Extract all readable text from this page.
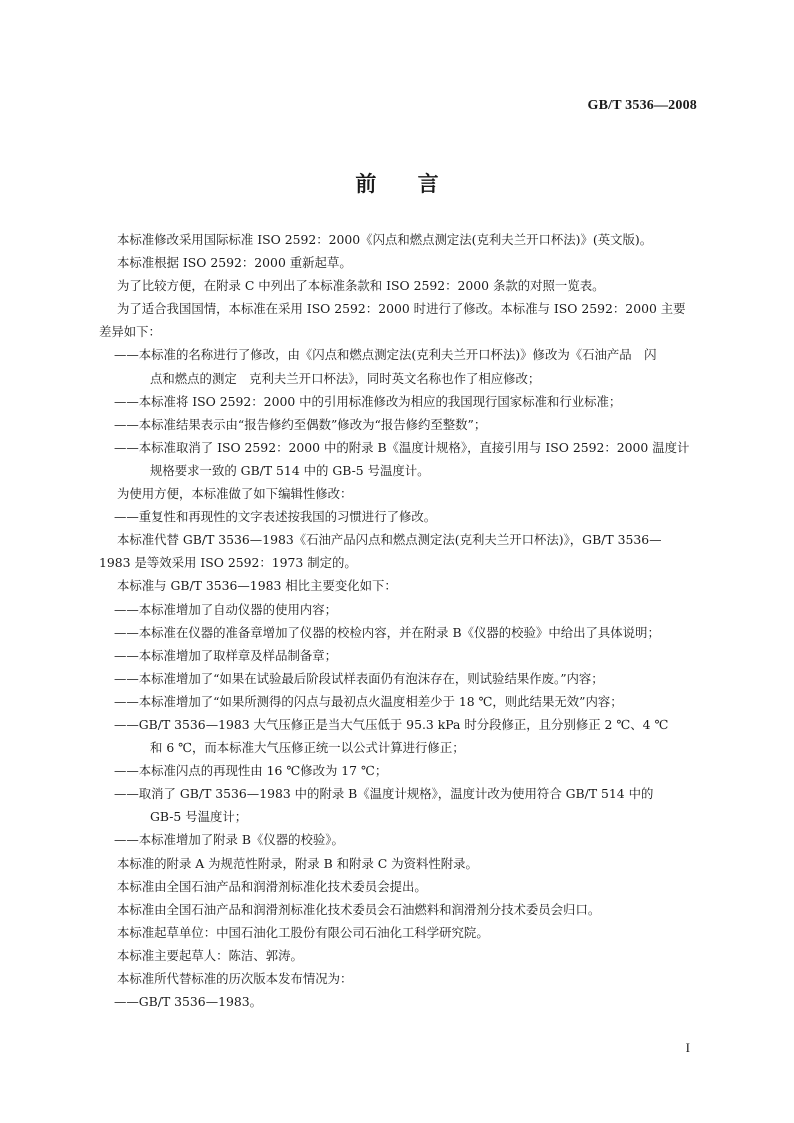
GB/T 3536—2008
前 言

本标准修改采用国际标准 ISO 2592：2000《闪点和燃点测定法(克利夫兰开口杯法)》(英文版)。

本标准根据 ISO 2592：2000 重新起草。

为了比较方便，在附录 C 中列出了本标准条款和 ISO 2592：2000 条款的对照一览表。

为了适合我国国情，本标准在采用 ISO 2592：2000 时进行了修改。本标准与 ISO 2592：2000 主要

差异如下：

——本标准的名称进行了修改，由《闪点和燃点测定法(克利夫兰开口杯法)》修改为《石油产品　闪

点和燃点的测定　克利夫兰开口杯法》，同时英文名称也作了相应修改；

——本标准将 ISO 2592：2000 中的引用标准修改为相应的我国现行国家标准和行业标准；

——本标准结果表示由“报告修约至偶数”修改为“报告修约至整数”；

——本标准取消了 ISO 2592：2000 中的附录 B《温度计规格》，直接引用与 ISO 2592：2000 温度计

规格要求一致的 GB/T 514 中的 GB-5 号温度计。

为使用方便，本标准做了如下编辑性修改：

——重复性和再现性的文字表述按我国的习惯进行了修改。

本标准代替 GB/T 3536—1983《石油产品闪点和燃点测定法(克利夫兰开口杯法)》，GB/T 3536—

1983 是等效采用 ISO 2592：1973 制定的。

本标准与 GB/T 3536—1983 相比主要变化如下：

——本标准增加了自动仪器的使用内容；

——本标准在仪器的准备章增加了仪器的校检内容，并在附录 B《仪器的校验》中给出了具体说明；

——本标准增加了取样章及样品制备章；

——本标准增加了“如果在试验最后阶段试样表面仍有泡沫存在，则试验结果作废。”内容；

——本标准增加了“如果所测得的闪点与最初点火温度相差少于 18 ℃，则此结果无效”内容；

——GB/T 3536—1983 大气压修正是当大气压低于 95.3 kPa 时分段修正，且分别修正 2 ℃、4 ℃

和 6 ℃，而本标准大气压修正统一以公式计算进行修正；

——本标准闪点的再现性由 16 ℃修改为 17 ℃；

——取消了 GB/T 3536—1983 中的附录 B《温度计规格》，温度计改为使用符合 GB/T 514 中的

GB-5 号温度计；

——本标准增加了附录 B《仪器的校验》。

本标准的附录 A 为规范性附录，附录 B 和附录 C 为资料性附录。

本标准由全国石油产品和润滑剂标准化技术委员会提出。

本标准由全国石油产品和润滑剂标准化技术委员会石油燃料和润滑剂分技术委员会归口。

本标准起草单位：中国石油化工股份有限公司石油化工科学研究院。

本标准主要起草人：陈洁、郭涛。

本标准所代替标准的历次版本发布情况为：

——GB/T 3536—1983。

I
